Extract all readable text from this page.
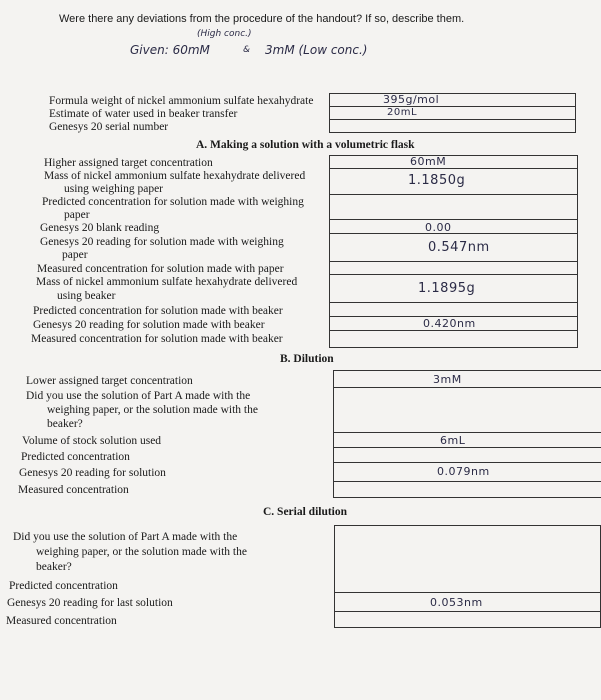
Were there any deviations from the procedure of the handout? If so, describe them.
(High conc.)
Given: 60mM	& 3mM (Low conc.)
Formula weight of nickel ammonium sulfate hexahydrate
Estimate of water used in beaker transfer
Genesys 20 serial number
395g/mol
20mL
A. Making a solution with a volumetric flask
Higher assigned target concentration
Mass of nickel ammonium sulfate hexahydrate delivered
using weighing paper
Predicted concentration for solution made with weighing
paper
Genesys 20 blank reading
Genesys 20 reading for solution made with weighing
paper
Measured concentration for solution made with paper
Mass of nickel ammonium sulfate hexahydrate delivered
using beaker
Predicted concentration for solution made with beaker
Genesys 20 reading for solution made with beaker
Measured concentration for solution made with beaker
60mM
1.1850g
0.00
0.547nm
1.1895g
0.420nm
B. Dilution
Lower assigned target concentration
Did you use the solution of Part A made with the
weighing paper, or the solution made with the
beaker?
Volume of stock solution used
Predicted concentration
Genesys 20 reading for solution
Measured concentration
3mM
6mL
0.079nm
C. Serial dilution
Did you use the solution of Part A made with the
weighing paper, or the solution made with the
beaker?
Predicted concentration
Genesys 20 reading for last solution
Measured concentration
0.053nm
